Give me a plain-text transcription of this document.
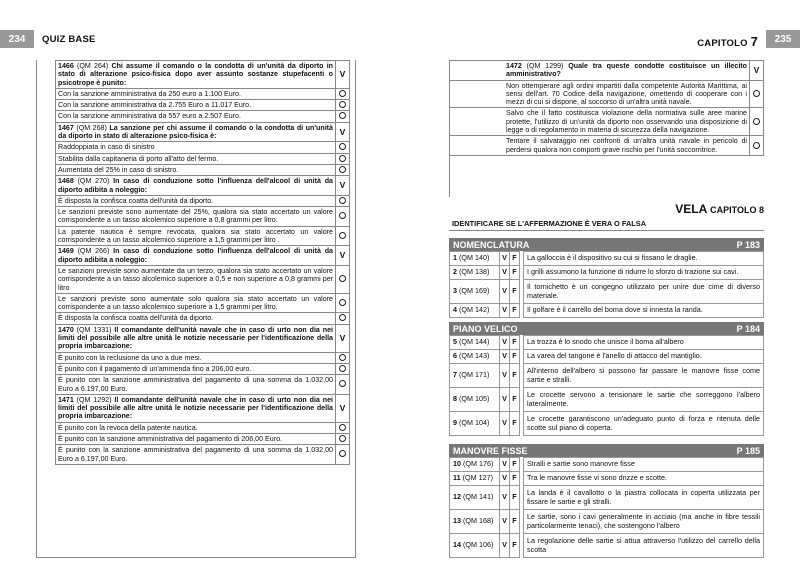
234	QUIZ BASE	CAPITOLO 7	235
1466 (QM 264) Chi assume il comando o la condotta di un'unità da diporto in stato di alterazione psico-fisica dopo aver assunto sostanze stupefacenti o psicotrope è punito:	V
Con la sanzione amministrativa da 250 euro a 1.100 Euro.	
Con la sanzione amministrativa da 2.755 Euro a 11.017 Euro.	
Con la sanzione amministrativa da 557 euro a 2.507 Euro.	
1467 (QM 268) La sanzione per chi assume il comando o la condotta di un'unità da diporto in stato di alterazione psico-fisica è:	V
Raddoppiata in caso di sinistro	
Stabilita dalla capitaneria di porto all'atto del fermo.	
Aumentata del 25% in caso di sinistro.	
1468 (QM 270) In caso di conduzione sotto l'influenza dell'alcool di unità da diporto adibita a noleggio:	V
È disposta la confisca coatta dell'unità da diporto.	
Le sanzioni previste sono aumentate del 25%, qualora sia stato accertato un valore corrispondente a un tasso alcolemico superiore a 0,8 grammi per litro.	
La patente nautica è sempre revocata, qualora sia stato accertato un valore corrispondente a un tasso alcolemico superiore a 1,5 grammi per litro .	
1469 (QM 266) In caso di conduzione sotto l'influenza dell'alcool di unità da diporto adibita a noleggio:	V
Le sanzioni previste sono aumentate da un terzo, qualora sia stato accertato un valore corrispondente a un tasso alcolemico superiore a 0,5 e non superiore a 0,8 grammi per litro	
Le sanzioni previste sono aumentate solo qualora sia stato accertato un valore corrispondente a un tasso alcolemico superiore a 1,5 grammi per litro.	
È disposta la confisca coatta dell'unità da diporto.	
1470 (QM 1331) Il comandante dell'unità navale che in caso di urto non dia nei limiti del possibile alle altre unità le notizie necessarie per l'identificazione della propria imbarcazione:	V
È punito con la reclusione da uno a due mesi.	
È punito con il pagamento di un'ammenda fino a 206,00 euro.	
È punito con la sanzione amministrativa del pagamento di una somma da 1.032,00 Euro a 6.197,00 Euro.	
1471 (QM 1292) Il comandante dell'unità navale che in caso di urto non dia nei limiti del possibile alle altre unità le notizie necessarie per l'identificazione della propria imbarcazione:	V
È punito con la revoca della patente nautica.	
È punito con la sanzione amministrativa del pagamento di 206,00 Euro.	
È punito con la sanzione amministrativa del pagamento di una somma da 1.032,00 Euro a 6.197,00 Euro.	
1472 (QM 1299) Quale tra queste condotte costituisce un illecito amministrativo?	V
Non ottemperare agli ordini impartiti dalla competente Autorità Marittima, ai sensi dell'art. 70 Codice della navigazione, omettendo di cooperare con i mezzi di cui si dispone, al soccorso di un'altra unità navale.	
Salvo che il fatto costituisca violazione della normativa sulle aree marine protette, l'utilizzo di un'unità da diporto non osservando una disposizione di legge o di regolamento in materia di sicurezza della navigazione.	
Tentare il salvataggio nei confronti di un'altra unità navale in pericolo di perdersi qualora non comporti grave rischio per l'unità soccorritrice.	
VELA CAPITOLO 8
IDENTIFICARE SE L'AFFERMAZIONE È VERA O FALSA
NOMENCLATURA	P 183
1 (QM 140)	V	F		La galloccia è il dispositivo su cui si fissano le draglie.
2 (QM 138)	V	F		I grilli assumono la funzione di ridurre lo sforzo di trazione sui cavi.
3 (QM 169)	V	F		Il tornichetto è un congegno utilizzato per unire due cime di diverso materiale.
4 (QM 142)	V	F		Il golfare è il carrello del boma dove si innesta la randa.
PIANO VELICO	P 184
5 (QM 144)	V	F		La trozza è lo snodo che unisce il boma all'albero
6 (QM 143)	V	F		La varea del tangone è l'anello di attacco del mantiglio.
7 (QM 171)	V	F		All'interno dell'albero si possono far passare le manovre fisse come sartie e stralli.
8 (QM 105)	V	F		Le crocette servono a tensionare le sartie che sorreggono l'albero lateralmente.
9 (QM 104)	V	F		Le crocette garantiscono un'adeguato punto di forza e ritenuta delle scotte sul piano di coperta.
MANOVRE FISSE	P 185
10 (QM 176)	V	F		Stralli e sartie sono manovre fisse
11 (QM 127)	V	F		Tra le manovre fisse vi sono drizze e scotte.
12 (QM 141)	V	F		La landa è il cavallotto o la piastra collocata in coperta utilizzata per fissare le sartie e gli stralli.
13 (QM 168)	V	F		Le sartie, sono i cavi generalmente in acciaio (ma anche in fibre tessili particolarmente tenaci), che sostengono l'albero
14 (QM 106)	V	F		La regolazione delle sartie si attua attraverso l'utilizzo del carrello della scotta
